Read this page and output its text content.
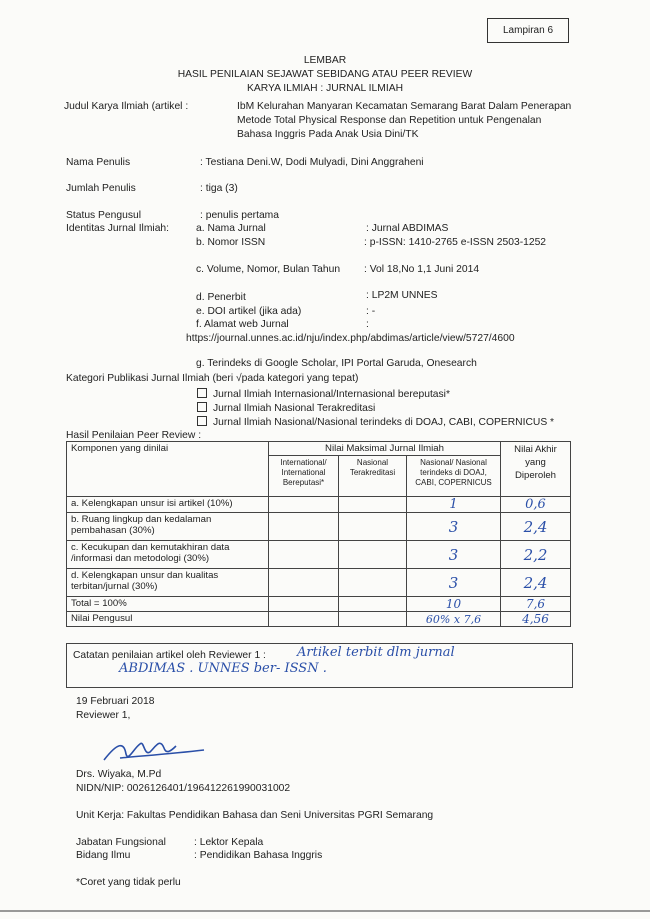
Lampiran 6
LEMBAR
HASIL PENILAIAN SEJAWAT SEBIDANG ATAU PEER REVIEW
KARYA ILMIAH : JURNAL ILMIAH
Judul Karya Ilmiah (artikel :	IbM Kelurahan Manyaran Kecamatan Semarang Barat Dalam Penerapan
Metode Total Physical Response dan Repetition untuk Pengenalan
Bahasa Inggris Pada Anak Usia Dini/TK
Nama Penulis	: Testiana Deni.W, Dodi Mulyadi, Dini Anggraheni
Jumlah Penulis	: tiga (3)
Status Pengusul	: penulis pertama
Identitas Jurnal Ilmiah:	a. Nama Jurnal	: Jurnal ABDIMAS
b. Nomor ISSN	: p-ISSN: 1410-2765 e-ISSN 2503-1252
c. Volume, Nomor, Bulan Tahun : Vol 18,No 1,1 Juni 2014
d. Penerbit	: LP2M UNNES
e. DOI artikel (jika ada)	: -
f. Alamat web Jurnal	:
https://journal.unnes.ac.id/nju/index.php/abdimas/article/view/5727/4600
g. Terindeks di Google Scholar, IPI Portal Garuda, Onesearch
Kategori Publikasi Jurnal Ilmiah (beri √pada kategori yang tepat)
Jurnal Ilmiah Internasional/Internasional bereputasi*
Jurnal Ilmiah Nasional Terakreditasi
Jurnal Ilmiah Nasional/Nasional terindeks di DOAJ, CABI, COPERNICUS *
Hasil Penilaian Peer Review :
Komponen yang dinilai	Nilai Maksimal Jurnal Ilmiah			Nilai Akhir yang Diperoleh
	International/ International Bereputasi*	Nasional Terakreditasi	Nasional/ Nasional terindeks di DOAJ, CABI, COPERNICUS	
a. Kelengkapan unsur isi artikel (10%)			1	0,6
b. Ruang lingkup dan kedalaman pembahasan (30%)			3	2,4
c. Kecukupan dan kemutakhiran data /informasi dan metodologi (30%)			3	2,2
d. Kelengkapan unsur dan kualitas terbitan/jurnal (30%)			3	2,4
Total = 100%			10	7,6
Nilai Pengusul			60% x 7,6	4,56
Catatan penilaian artikel oleh Reviewer 1 : Artikel terbit dlm jurnal
ABDIMAS . UNNES ber- ISSN .
19 Februari 2018
Reviewer 1,
Drs. Wiyaka, M.Pd
NIDN/NIP: 0026126401/196412261990031002
Unit Kerja: Fakultas Pendidikan Bahasa dan Seni Universitas PGRI Semarang
Jabatan Fungsional	: Lektor Kepala
Bidang Ilmu	: Pendidikan Bahasa Inggris
*Coret yang tidak perlu
